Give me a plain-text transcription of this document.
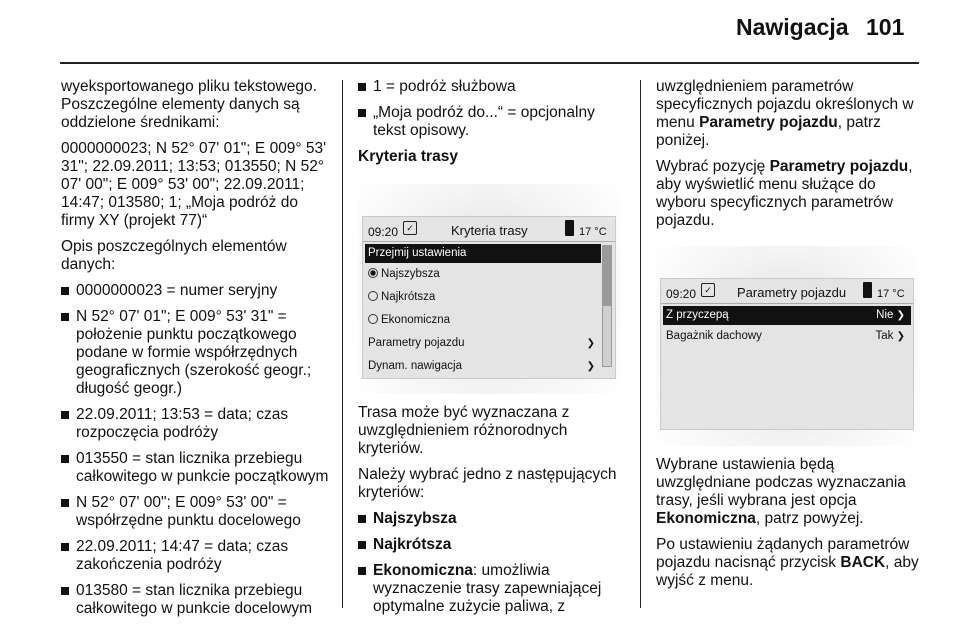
Nawigacja 101

wyeksportowanego pliku tekstowego. Poszczególne elementy danych są oddzielone średnikami:

0000000023; N 52° 07' 01"; E 009° 53' 31"; 22.09.2011; 13:53; 013550; N 52° 07' 00"; E 009° 53' 00"; 22.09.2011; 14:47; 013580; 1; „Moja podróż do firmy XY (projekt 77)“

Opis poszczególnych elementów danych:

0000000023 = numer seryjny
N 52° 07' 01"; E 009° 53' 31" = położenie punktu początkowego podane w formie współrzędnych geograficznych (szerokość geogr.; długość geogr.)
22.09.2011; 13:53 = data; czas rozpoczęcia podróży
013550 = stan licznika przebiegu całkowitego w punkcie początkowym
N 52° 07' 00"; E 009° 53' 00" = współrzędne punktu docelowego
22.09.2011; 14:47 = data; czas zakończenia podróży
013580 = stan licznika przebiegu całkowitego w punkcie docelowym
1 = podróż służbowa
„Moja podróż do...“ = opcjonalny tekst opisowy.
Kryteria trasy
09:20 ✓	Kryteria trasy	17 °C
Przejmij ustawienia
Najszybsza
Najkrótsza
Ekonomiczna
Parametry pojazdu	❯
Dynam. nawigacja	❯

Trasa może być wyznaczana z uwzględnieniem różnorodnych kryteriów.

Należy wybrać jedno z następujących kryteriów:

Najszybsza
Najkrótsza
Ekonomiczna: umożliwia wyznaczenie trasy zapewniającej optymalne zużycie paliwa, z

uwzględnieniem parametrów specyficznych pojazdu określonych w menu Parametry pojazdu, patrz poniżej.

Wybrać pozycję Parametry pojazdu, aby wyświetlić menu służące do wyboru specyficznych parametrów pojazdu.

09:20 ✓ Parametry pojazdu	17 °C
Z przyczepą	Nie ❯
Bagażnik dachowy	Tak ❯

Wybrane ustawienia będą uwzględniane podczas wyznaczania trasy, jeśli wybrana jest opcja Ekonomiczna, patrz powyżej.

Po ustawieniu żądanych parametrów pojazdu nacisnąć przycisk BACK, aby wyjść z menu.
